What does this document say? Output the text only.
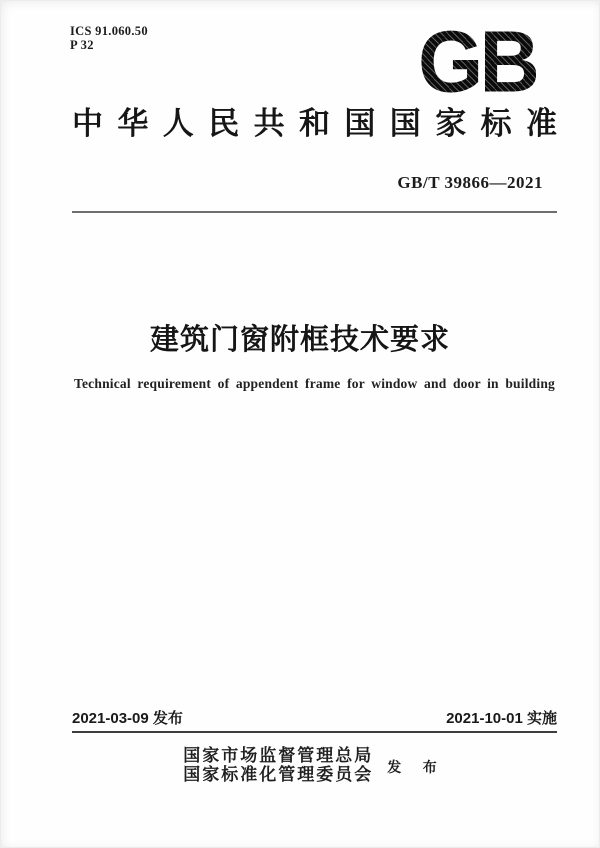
ICS 91.060.50
P 32	GB
中华人民共和国国家标准
GB/T 39866—2021
建筑门窗附框技术要求
Technical requirement of appendent frame for window and door in building
2021-03-09 发布	2021-10-01 实施
国家市场监督管理总局
国家标准化管理委员会 发 布
